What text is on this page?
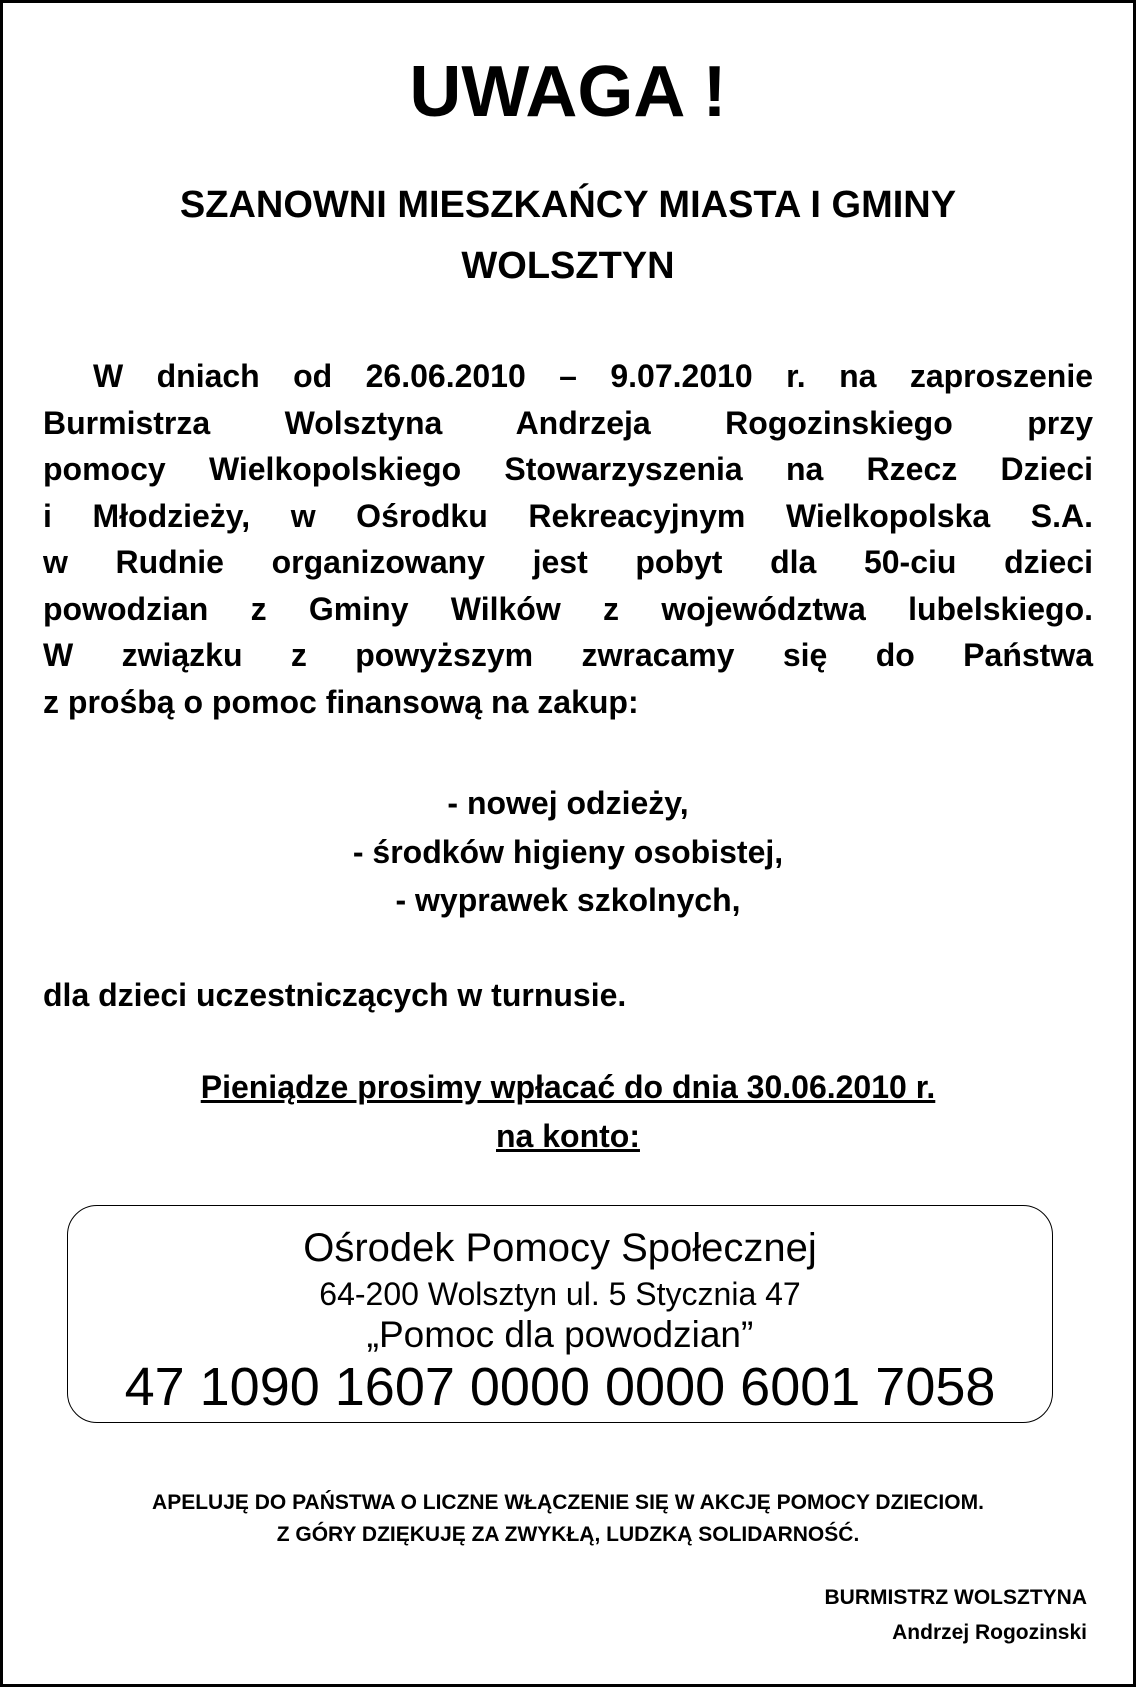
UWAGA !
SZANOWNI MIESZKAŃCY MIASTA I GMINY
WOLSZTYN
W dniach od 26.06.2010 – 9.07.2010 r. na zaproszenie
Burmistrza Wolsztyna Andrzeja Rogozinskiego przy
pomocy Wielkopolskiego Stowarzyszenia na Rzecz Dzieci
i Młodzieży, w Ośrodku Rekreacyjnym Wielkopolska S.A.
w Rudnie organizowany jest pobyt dla 50-ciu dzieci
powodzian z Gminy Wilków z województwa lubelskiego.
W związku z powyższym zwracamy się do Państwa
z prośbą o pomoc finansową na zakup:
- nowej odzieży,
- środków higieny osobistej,
- wyprawek szkolnych,
dla dzieci uczestniczących w turnusie.
Pieniądze prosimy wpłacać do dnia 30.06.2010 r.
na konto:
Ośrodek Pomocy Społecznej
64-200 Wolsztyn ul. 5 Stycznia 47
„Pomoc dla powodzian”
47 1090 1607 0000 0000 6001 7058
APELUJĘ DO PAŃSTWA O LICZNE WŁĄCZENIE SIĘ W AKCJĘ POMOCY DZIECIOM.
Z GÓRY DZIĘKUJĘ ZA ZWYKŁĄ, LUDZKĄ SOLIDARNOŚĆ.
BURMISTRZ WOLSZTYNA
Andrzej Rogozinski
